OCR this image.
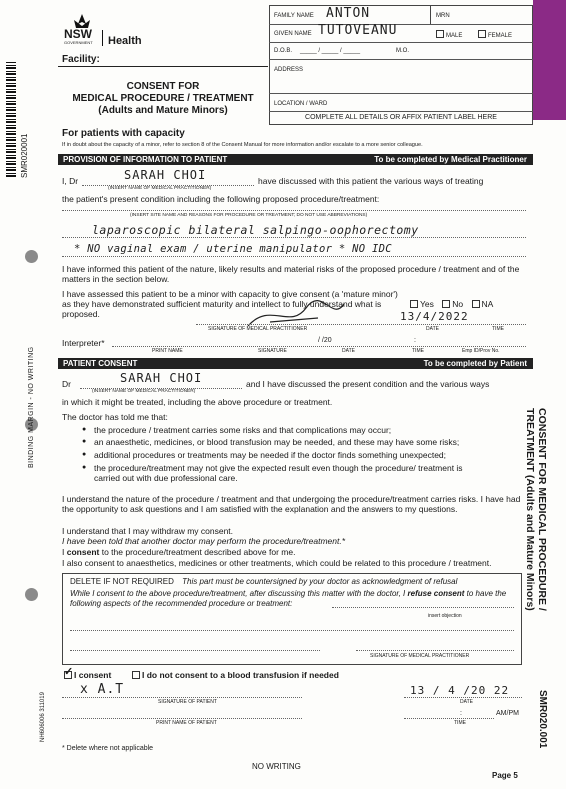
SMR020001
BINDING MARGIN - NO WRITING
NH606006 311019
CONSENT FOR MEDICAL PROCEDURE /
TREATMENT (Adults and Mature Minors)
SMR020.001
NSW
GOVERNMENT Health
Facility:
CONSENT FOR
MEDICAL PROCEDURE / TREATMENT
(Adults and Mature Minors)
FAMILY NAME ANTON	MRN
GIVEN NAME TUTOVEANU	MALE	FEMALE
D.O.B. _____ / _____ / _____	M.O.
ADDRESS
LOCATION / WARD
COMPLETE ALL DETAILS OR AFFIX PATIENT LABEL HERE
For patients with capacity
If in doubt about the capacity of a minor, refer to section 8 of the Consent Manual for more information and/or escalate to a more senior colleague.
PROVISION OF INFORMATION TO PATIENT	To be completed by Medical Practitioner
I, Dr	SARAH CHOI
(INSERT NAME OF MEDICAL PRACTITIONER)
have discussed with this patient the various ways of treating
the patient's present condition including the following proposed procedure/treatment:
(INSERT SITE NAME AND REASONS FOR PROCEDURE OR TREATMENT; DO NOT USE ABBREVIATIONS)
laparoscopic bilateral salpingo-oophorectomy
* NO vaginal exam / uterine manipulator * NO IDC
I have informed this patient of the nature, likely results and material risks of the proposed procedure / treatment and of the matters in the section below.
I have assessed this patient to be a minor with capacity to give consent (a 'mature minor') as they have demonstrated sufficient maturity and intellect to fully understand what is proposed.
Yes No NA
13/4/2022
SIGNATURE OF MEDICAL PRACTITIONER	DATE	TIME
Interpreter*	/ /20	:
PRINT NAME	SIGNATURE	DATE	TIME	Emp ID/Prov No.
PATIENT CONSENT	To be completed by Patient
Dr	SARAH CHOI
(INSERT NAME OF MEDICAL PRACTITIONER)
and I have discussed the present condition and the various ways
in which it might be treated, including the above procedure or treatment.
The doctor has told me that:
● the procedure / treatment carries some risks and that complications may occur;
● an anaesthetic, medicines, or blood transfusion may be needed, and these may have some risks;
● additional procedures or treatments may be needed if the doctor finds something unexpected;
● the procedure/treatment may not give the expected result even though the procedure/ treatment is carried out with due professional care.
I understand the nature of the procedure / treatment and that undergoing the procedure/treatment carries risks. I have had the opportunity to ask questions and I am satisfied with the explanation and the answers to my questions.
I understand that I may withdraw my consent.
I have been told that another doctor may perform the procedure/treatment.*
I consent to the procedure/treatment described above for me.
I also consent to anaesthetics, medicines or other treatments, which could be related to this procedure / treatment.
DELETE IF NOT REQUIRED This part must be countersigned by your doctor as acknowledgment of refusal
While I consent to the above procedure/treatment, after discussing this matter with the doctor, I refuse consent to have the following aspects of the recommended procedure or treatment:
insert objection
SIGNATURE OF MEDICAL PRACTITIONER
✓ I consent	I do not consent to a blood transfusion if needed
x A.T
SIGNATURE OF PATIENT
13 / 4 /20 22
DATE
PRINT NAME OF PATIENT
:	AM/PM
TIME
* Delete where not applicable
NO WRITING
Page 5
